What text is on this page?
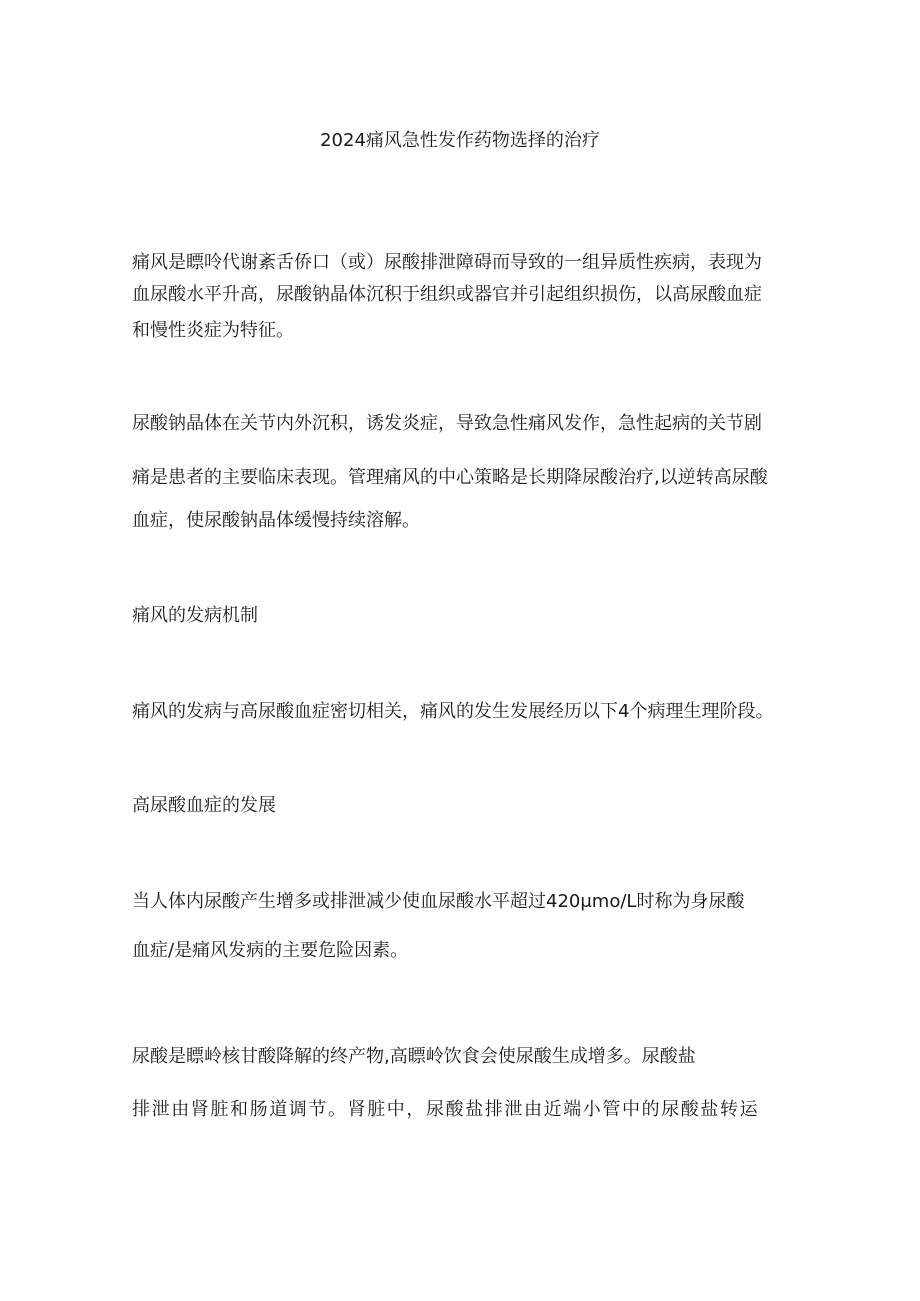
2024痛风急性发作药物选择的治疗

痛风是瞟呤代谢紊舌侨口（或）尿酸排泄障碍而导致的一组异质性疾病，表现为

血尿酸水平升高，尿酸钠晶体沉积于组织或器官并引起组织损伤，以高尿酸血症

和慢性炎症为特征。

尿酸钠晶体在关节内外沉积，诱发炎症，导致急性痛风发作，急性起病的关节剧

痛是患者的主要临床表现。管理痛风的中心策略是长期降尿酸治疗,以逆转高尿酸

血症，使尿酸钠晶体缓慢持续溶解。

痛风的发病机制

痛风的发病与高尿酸血症密切相关，痛风的发生发展经历以下4个病理生理阶段。

高尿酸血症的发展

当人体内尿酸产生增多或排泄减少使血尿酸水平超过420μmo∕L时称为身尿酸

血症/是痛风发病的主要危险因素。

尿酸是瞟岭核甘酸降解的终产物,高瞟岭饮食会使尿酸生成增多。尿酸盐

排泄由肾脏和肠道调节。肾脏中，尿酸盐排泄由近端小管中的尿酸盐转运
